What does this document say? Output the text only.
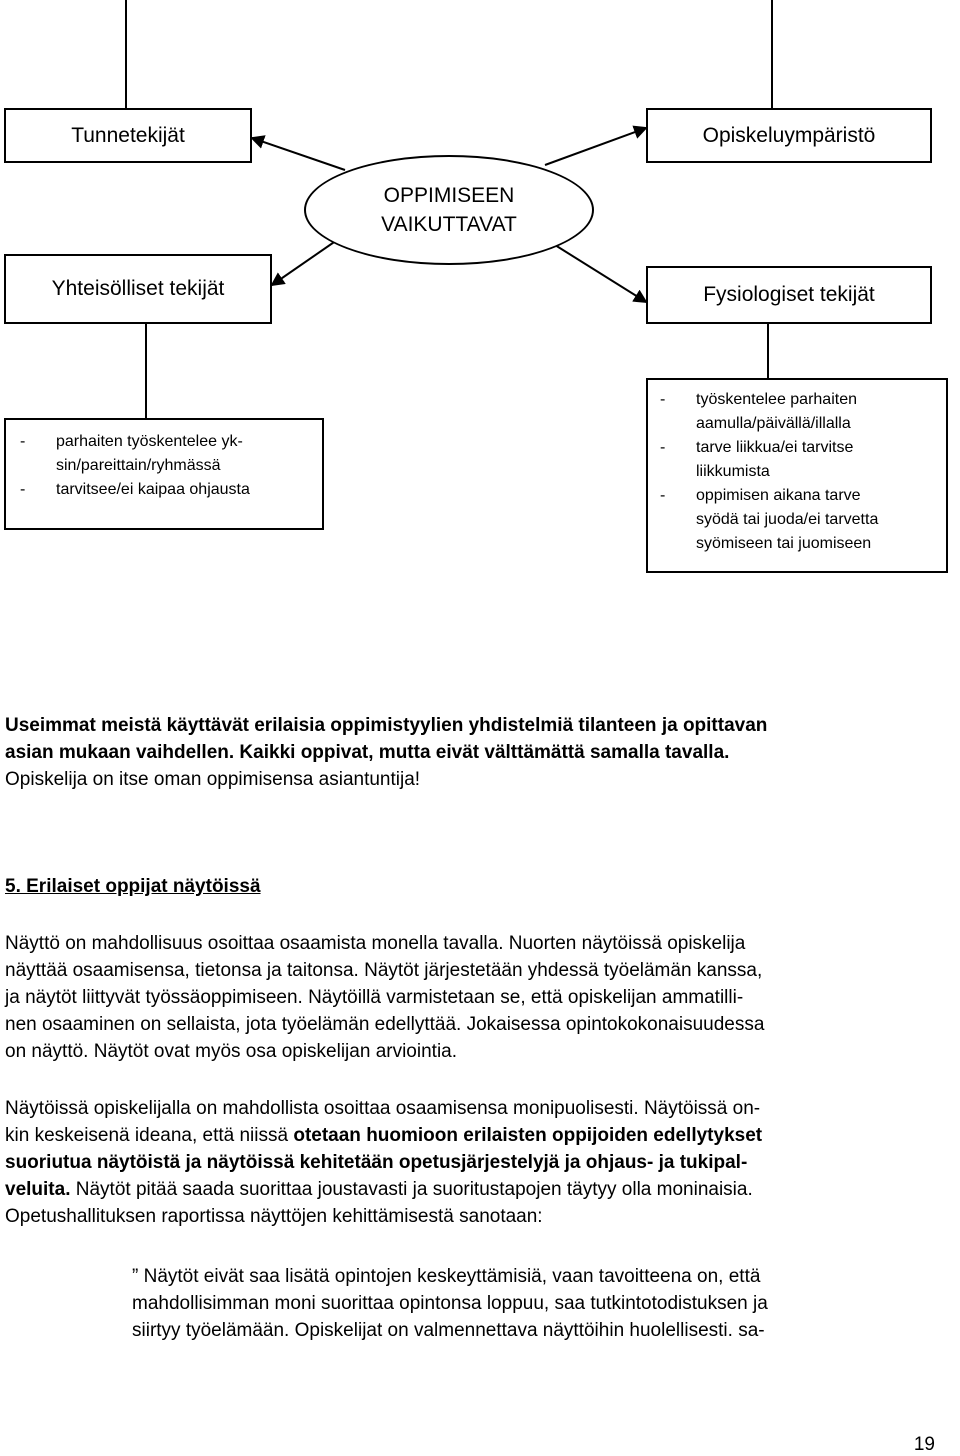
Tunnetekijät	Opiskeluympäristö
OPPIMISEEN
VAIKUTTAVAT
Yhteisölliset tekijät	Fysiologiset tekijät
- parhaiten työskentelee yk-
sin/pareittain/ryhmässä
- tarvitsee/ei kaipaa ohjausta
- työskentelee parhaiten
aamulla/päivällä/illalla
- tarve liikkua/ei tarvitse
liikkumista
- oppimisen aikana tarve
syödä tai juoda/ei tarvetta
syömiseen tai juomiseen
Useimmat meistä käyttävät erilaisia oppimistyylien yhdistelmiä tilanteen ja opittavan
asian mukaan vaihdellen. Kaikki oppivat, mutta eivät välttämättä samalla tavalla.
Opiskelija on itse oman oppimisensa asiantuntija!
5. Erilaiset oppijat näytöissä
Näyttö on mahdollisuus osoittaa osaamista monella tavalla. Nuorten näytöissä opiskelija
näyttää osaamisensa, tietonsa ja taitonsa. Näytöt järjestetään yhdessä työelämän kanssa,
ja näytöt liittyvät työssäoppimiseen. Näytöillä varmistetaan se, että opiskelijan ammatilli-
nen osaaminen on sellaista, jota työelämän edellyttää. Jokaisessa opintokokonaisuudessa
on näyttö. Näytöt ovat myös osa opiskelijan arviointia.
Näytöissä opiskelijalla on mahdollista osoittaa osaamisensa monipuolisesti. Näytöissä on-
kin keskeisenä ideana, että niissä otetaan huomioon erilaisten oppijoiden edellytykset
suoriutua näytöistä ja näytöissä kehitetään opetusjärjestelyjä ja ohjaus- ja tukipal-
veluita. Näytöt pitää saada suorittaa joustavasti ja suoritustapojen täytyy olla moninaisia.
Opetushallituksen raportissa näyttöjen kehittämisestä sanotaan:
” Näytöt eivät saa lisätä opintojen keskeyttämisiä, vaan tavoitteena on, että
mahdollisimman moni suorittaa opintonsa loppuu, saa tutkintotodistuksen ja
siirtyy työelämään. Opiskelijat on valmennettava näyttöihin huolellisesti. sa-
19
